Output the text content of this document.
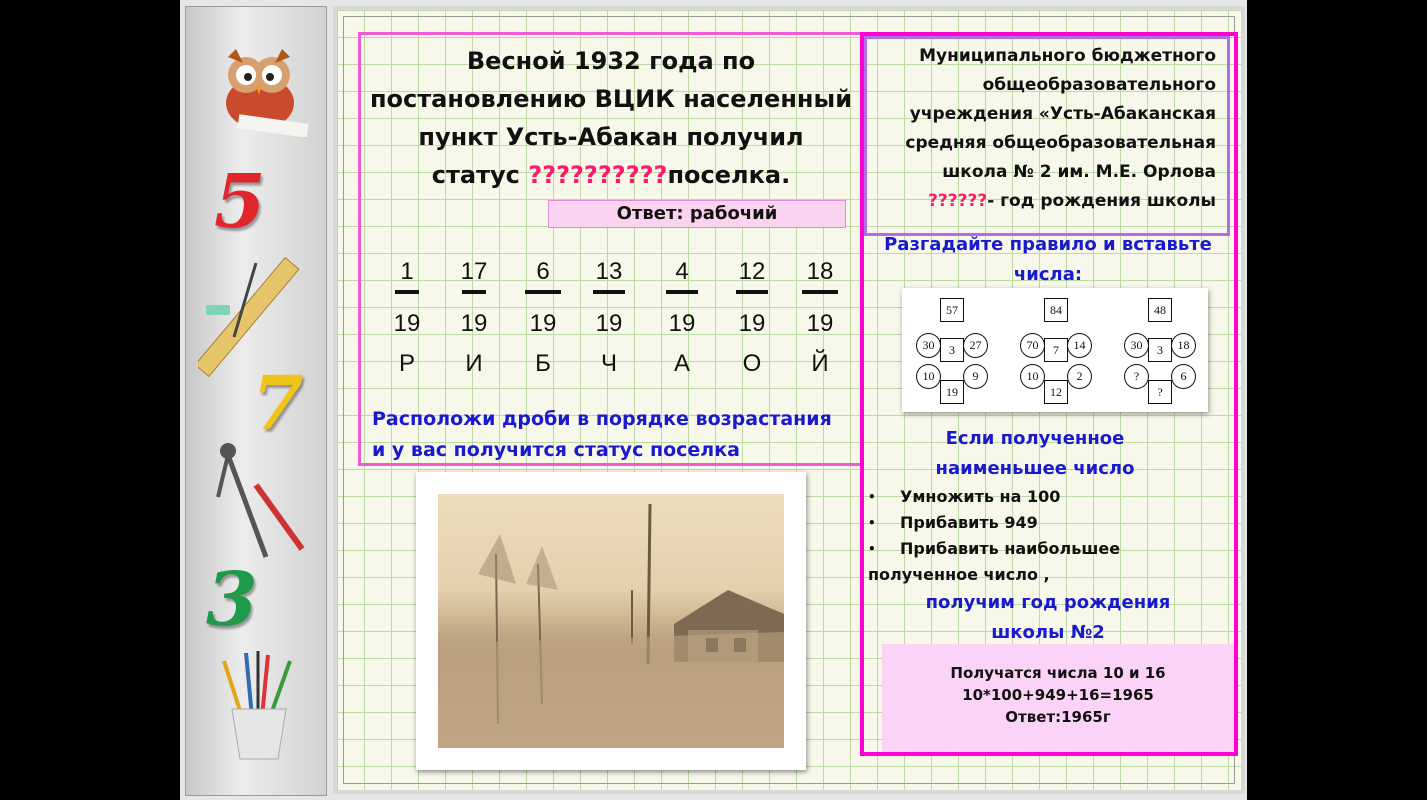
5
7
3
Весной 1932 года по
постановлению ВЦИК населенный
пункт Усть-Абакан получил
статус ??????????поселка.
Ответ: рабочий
1
19
Р
17
19
И
6
19
Б
13
19
Ч
4
19
А
12
19
О
18
19
Й
Расположи дроби в порядке возрастания
и у вас получится статус поселка
Муниципального бюджетного
общеобразовательного
учреждения «Усть-Абаканская
средняя общеобразовательная
школа № 2 им. М.Е. Орлова
??????- год рождения школы
Разгадайте правило и вставьте
числа:
57
30	3	27
10	9
19
84
70	7	14
10	2
12
48
30	3	18
?	6
?
Если полученное
наименьшее число
• Умножить на 100
• Прибавить 949
• Прибавить наибольшее
полученное число ,
получим год рождения
школы №2
Получатся числа 10 и 16
10*100+949+16=1965
Ответ:1965г
